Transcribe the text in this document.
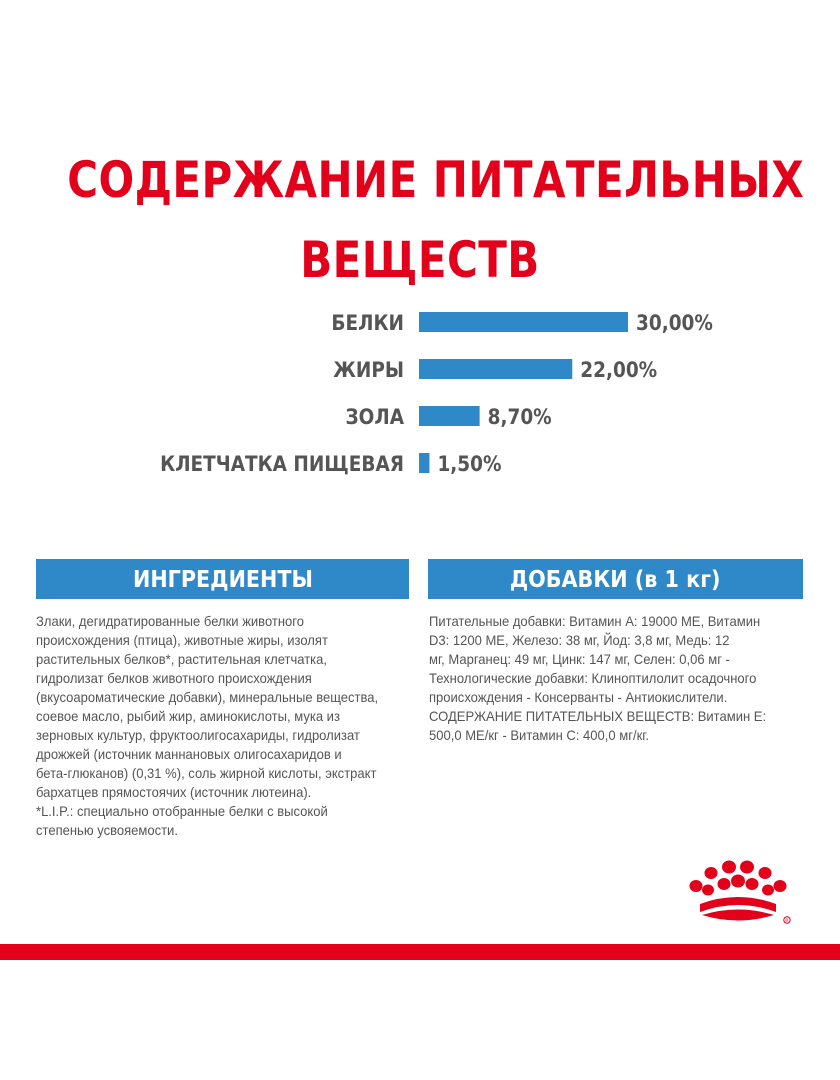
СОДЕРЖАНИЕ ПИТАТЕЛЬНЫХ
ВЕЩЕСТВ
БЕЛКИ	30,00%
ЖИРЫ	22,00%
ЗОЛА	8,70%
КЛЕТЧАТКА ПИЩЕВАЯ 1,50%
ИНГРЕДИЕНТЫ	ДОБАВКИ (в 1 кг)
Злаки, дегидратированные белки животного
происхождения (птица), животные жиры, изолят
растительных белков*, растительная клетчатка,
гидролизат белков животного происхождения
(вкусоароматические добавки), минеральные вещества,
соевое масло, рыбий жир, аминокислоты, мука из
зерновых культур, фруктоолигосахариды, гидролизат
дрожжей (источник маннановых олигосахаридов и
бета-глюканов) (0,31 %), соль жирной кислоты, экстракт
бархатцев прямостоячих (источник лютеина).
*L.I.P.: специально отобранные белки с высокой
степенью усвояемости.
Питательные добавки: Витамин А: 19000 МЕ, Витамин
D3: 1200 МЕ, Железо: 38 мг, Йод: 3,8 мг, Медь: 12
мг, Марганец: 49 мг, Цинк: 147 мг, Селен: 0,06 мг -
Технологические добавки: Клиноптилолит осадочного
происхождения - Консерванты - Антиокислители.
СОДЕРЖАНИЕ ПИТАТЕЛЬНЫХ ВЕЩЕСТВ: Витамин E:
500,0 МЕ/кг - Витамин C: 400,0 мг/кг.
R
